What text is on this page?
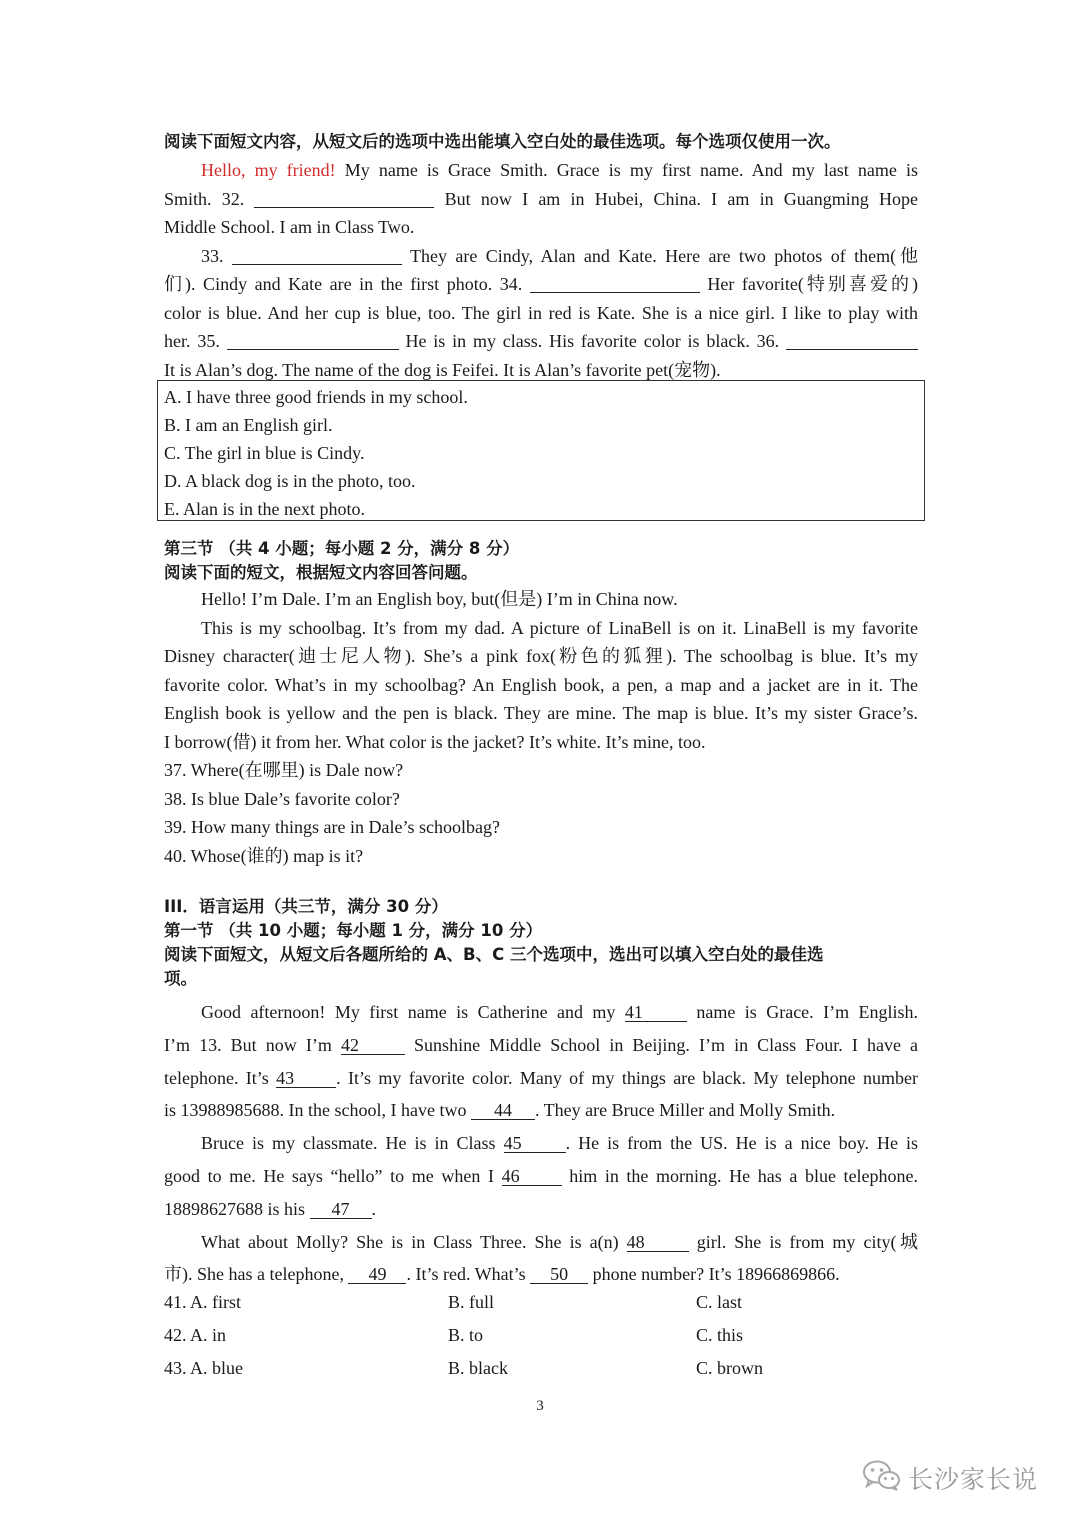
阅读下面短文内容，从短文后的选项中选出能填入空白处的最佳选项。每个选项仅使用一次。
Hello, my friend! My name is Grace Smith. Grace is my first name. And my last name is
Smith. 32.	But now I am in Hubei, China. I am in Guangming Hope
Middle School. I am in Class Two.
33.	They are Cindy, Alan and Kate. Here are two photos of them(他
们). Cindy and Kate are in the first photo. 34.	Her favorite(特别喜爱的)
color is blue. And her cup is blue, too. The girl in red is Kate. She is a nice girl. I like to play with
her. 35.	He is in my class. His favorite color is black. 36.
It is Alan’s dog. The name of the dog is Feifei. It is Alan’s favorite pet(宠物).
A. I have three good friends in my school.
B. I am an English girl.
C. The girl in blue is Cindy.
D. A black dog is in the photo, too.
E. Alan is in the next photo.
第三节 （共 4 小题；每小题 2 分，满分 8 分）
阅读下面的短文，根据短文内容回答问题。
Hello! I’m Dale. I’m an English boy, but(但是) I’m in China now.
This is my schoolbag. It’s from my dad. A picture of LinaBell is on it. LinaBell is my favorite
Disney character(迪士尼人物). She’s a pink fox(粉色的狐狸). The schoolbag is blue. It’s my
favorite color. What’s in my schoolbag? An English book, a pen, a map and a jacket are in it. The
English book is yellow and the pen is black. They are mine. The map is blue. It’s my sister Grace’s.
I borrow(借) it from her. What color is the jacket? It’s white. It’s mine, too.
37. Where(在哪里) is Dale now?
38. Is blue Dale’s favorite color?
39. How many things are in Dale’s schoolbag?
40. Whose(谁的) map is it?
III．语言运用（共三节，满分 30 分）
第一节 （共 10 小题；每小题 1 分，满分 10 分）
阅读下面短文，从短文后各题所给的 A、B、C 三个选项中，选出可以填入空白处的最佳选
项。
Good afternoon! My first name is Catherine and my 41	name is Grace. I’m English.
I’m 13. But now I’m 42	Sunshine Middle School in Beijing. I’m in Class Four. I have a
telephone. It’s 43 . It’s my favorite color. Many of my things are black. My telephone number
is 13988985688. In the school, I have two 44 . They are Bruce Miller and Molly Smith.
Bruce is my classmate. He is in Class 45 . He is from the US. He is a nice boy. He is
good to me. He says “hello” to me when I 46	him in the morning. He has a blue telephone.
18898627688 is his 47 .
What about Molly? She is in Class Three. She is a(n) 48	girl. She is from my city(城
市). She has a telephone, 49 . It’s red. What’s 50 phone number? It’s 18966869866.
41. A. first	B. full	C. last
42. A. in	B. to	C. this
43. A. blue	B. black	C. brown
3
长沙家长说
